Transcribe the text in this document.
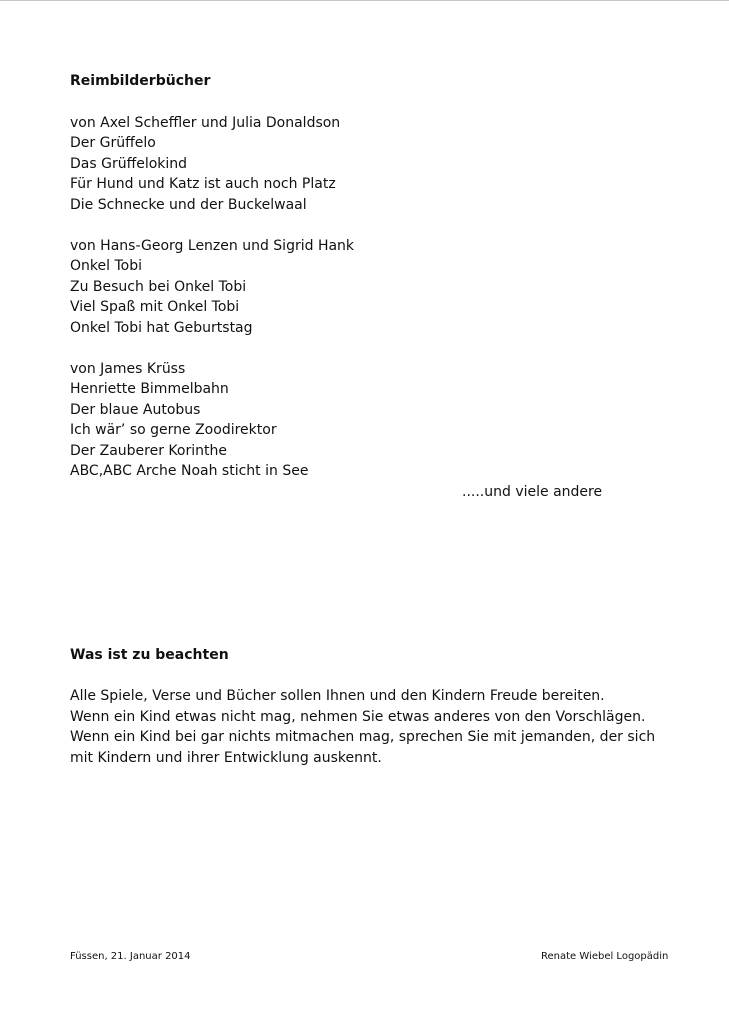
Reimbilderbücher
von Axel Scheffler und Julia Donaldson
Der Grüffelo
Das Grüffelokind
Für Hund und Katz ist auch noch Platz
Die Schnecke und der Buckelwaal
von Hans-Georg Lenzen und Sigrid Hank
Onkel Tobi
Zu Besuch bei Onkel Tobi
Viel Spaß mit Onkel Tobi
Onkel Tobi hat Geburtstag
von James Krüss
Henriette Bimmelbahn
Der blaue Autobus
Ich wär’ so gerne Zoodirektor
Der Zauberer Korinthe
ABC,ABC Arche Noah sticht in See
.....und viele andere
Was ist zu beachten
Alle Spiele, Verse und Bücher sollen Ihnen und den Kindern Freude bereiten.
Wenn ein Kind etwas nicht mag, nehmen Sie etwas anderes von den Vorschlägen.
Wenn ein Kind bei gar nichts mitmachen mag, sprechen Sie mit jemanden, der sich
mit Kindern und ihrer Entwicklung auskennt.
Füssen, 21. Januar 2014	Renate Wiebel Logopädin
